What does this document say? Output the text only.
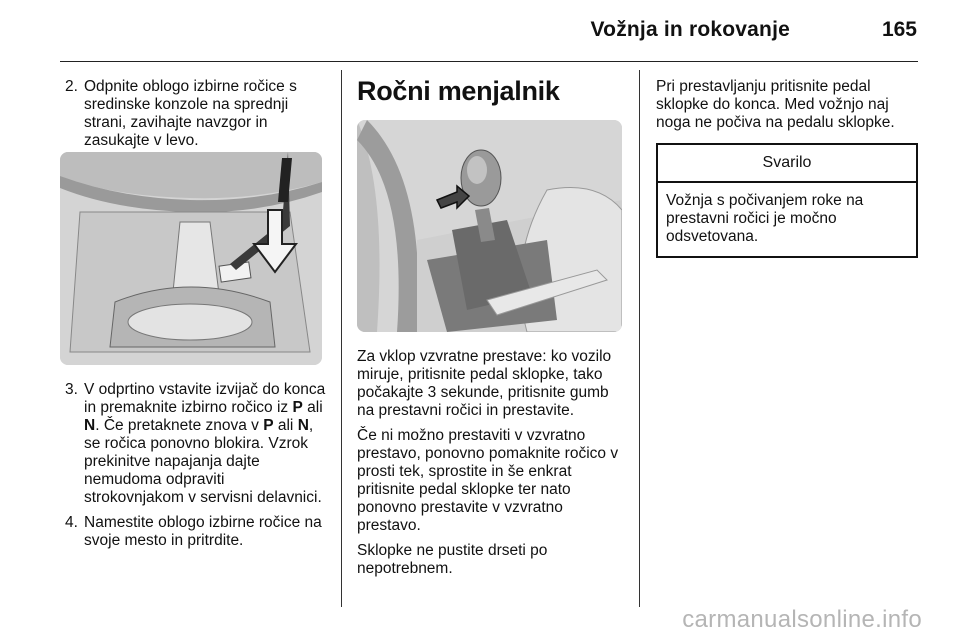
Vožnja in rokovanje	165
2. Odpnite oblogo izbirne ročice s sredinske konzole na sprednji strani, zavihajte navzgor in zasukajte v levo.
3. V odprtino vstavite izvijač do konca in premaknite izbirno ročico iz P ali N. Če pretaknete znova v P ali N, se ročica ponovno blokira. Vzrok prekinitve napajanja dajte nemudoma odpraviti strokovnjakom v servisni delavnici.
4. Namestite oblogo izbirne ročice na svoje mesto in pritrdite.
Ročni menjalnik

Za vklop vzvratne prestave: ko vozilo miruje, pritisnite pedal sklopke, tako počakajte 3 sekunde, pritisnite gumb na prestavni ročici in prestavite.

Če ni možno prestaviti v vzvratno prestavo, ponovno pomaknite ročico v prosti tek, sprostite in še enkrat pritisnite pedal sklopke ter nato ponovno prestavite v vzvratno prestavo.

Sklopke ne pustite drseti po nepotrebnem.

Pri prestavljanju pritisnite pedal sklopke do konca. Med vožnjo naj noga ne počiva na pedalu sklopke.

Svarilo
Vožnja s počivanjem roke na prestavni ročici je močno odsvetovana.
carmanualsonline.info
